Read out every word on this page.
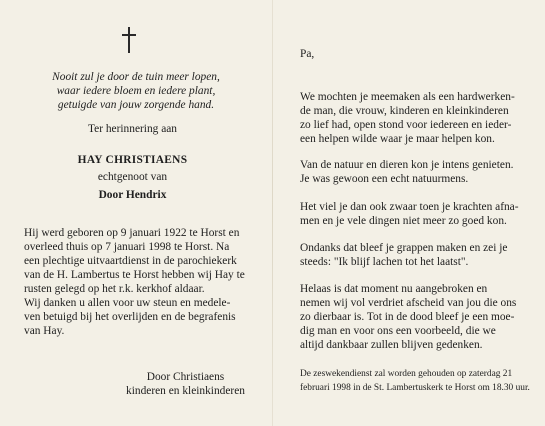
Nooit zul je door de tuin meer lopen,
waar iedere bloem en iedere plant,
getuigde van jouw zorgende hand.

Ter herinnering aan

HAY CHRISTIAENS

echtgenoot van

Door Hendrix

Hij werd geboren op 9 januari 1922 te Horst en
overleed thuis op 7 januari 1998 te Horst. Na
een plechtige uitvaartdienst in de parochiekerk
van de H. Lambertus te Horst hebben wij Hay te
rusten gelegd op het r.k. kerkhof aldaar.

Wij danken u allen voor uw steun en medele-
ven betuigd bij het overlijden en de begrafenis
van Hay.

Door Christiaens
kinderen en kleinkinderen

Pa,

We mochten je meemaken als een hardwerken-
de man, die vrouw, kinderen en kleinkinderen
zo lief had, open stond voor iedereen en ieder-
een helpen wilde waar je maar helpen kon.

Van de natuur en dieren kon je intens genieten.
Je was gewoon een echt natuurmens.

Het viel je dan ook zwaar toen je krachten afna-
men en je vele dingen niet meer zo goed kon.

Ondanks dat bleef je grappen maken en zei je
steeds: "Ik blijf lachen tot het laatst".

Helaas is dat moment nu aangebroken en
nemen wij vol verdriet afscheid van jou die ons
zo dierbaar is. Tot in de dood bleef je een moe-
dig man en voor ons een voorbeeld, die we
altijd dankbaar zullen blijven gedenken.

De zeswekendienst zal worden gehouden op zaterdag 21
februari 1998 in de St. Lambertuskerk te Horst om 18.30 uur.
